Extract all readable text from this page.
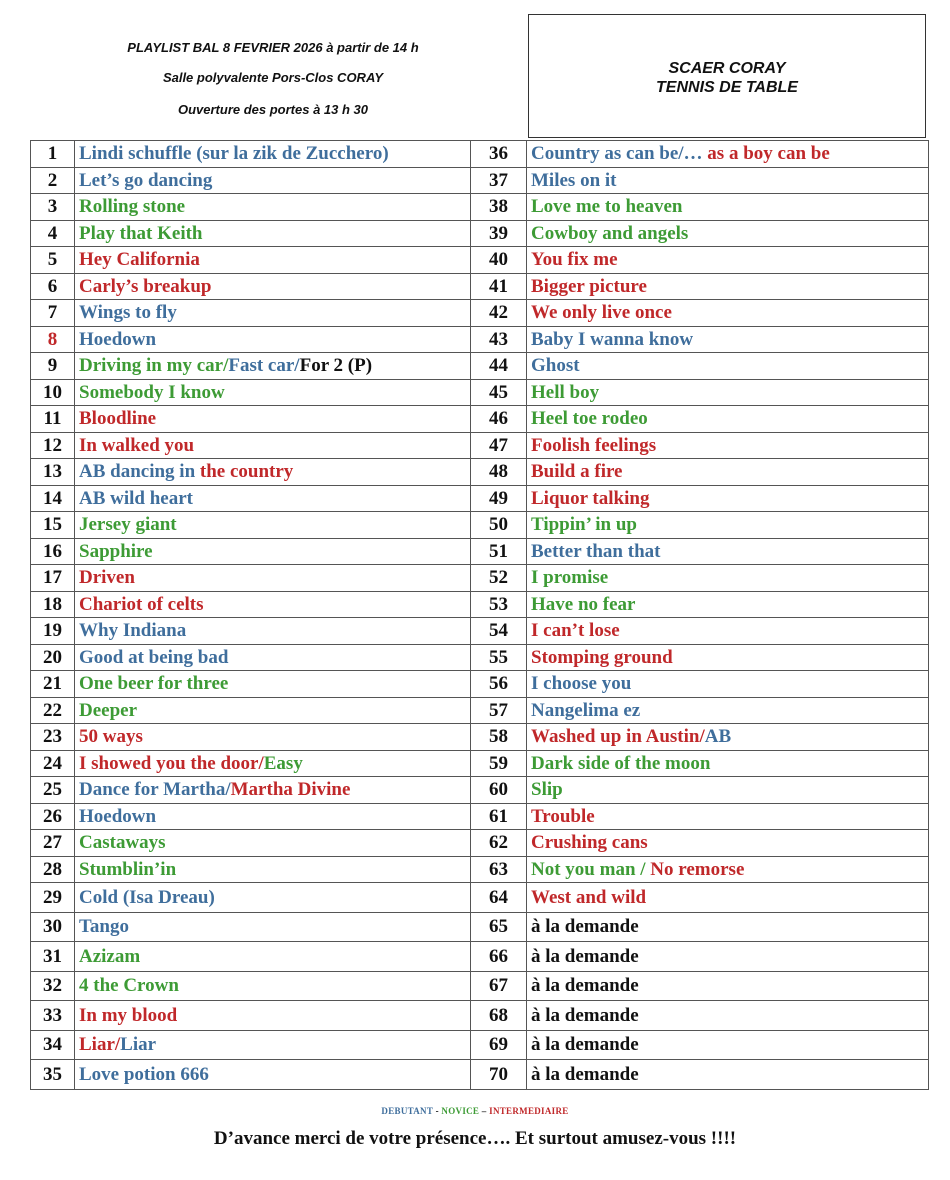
PLAYLIST BAL 8 FEVRIER 2026 à partir de 14 h
Salle polyvalente Pors-Clos CORAY
Ouverture des portes à 13 h 30
SCAER CORAY
TENNIS DE TABLE
1	Lindi schuffle (sur la zik de Zucchero)	36	Country as can be/… as a boy can be
2	Let’s go dancing	37	Miles on it
3	Rolling stone	38	Love me to heaven
4	Play that Keith	39	Cowboy and angels
5	Hey California	40	You fix me
6	Carly’s breakup	41	Bigger picture
7	Wings to fly	42	We only live once
8	Hoedown	43	Baby I wanna know
9	Driving in my car/Fast car/For 2 (P)	44	Ghost
10	Somebody I know	45	Hell boy
11	Bloodline	46	Heel toe rodeo
12	In walked you	47	Foolish feelings
13	AB dancing in the country	48	Build a fire
14	AB wild heart	49	Liquor talking
15	Jersey giant	50	Tippin’ in up
16	Sapphire	51	Better than that
17	Driven	52	I promise
18	Chariot of celts	53	Have no fear
19	Why Indiana	54	I can’t lose
20	Good at being bad	55	Stomping ground
21	One beer for three	56	I choose you
22	Deeper	57	Nangelima ez
23	50 ways	58	Washed up in Austin/AB
24	I showed you the door/Easy	59	Dark side of the moon
25	Dance for Martha/Martha Divine	60	Slip
26	Hoedown	61	Trouble
27	Castaways	62	Crushing cans
28	Stumblin’in	63	Not you man / No remorse
29	Cold (Isa Dreau)	64	West and wild
30	Tango	65	à la demande
31	Azizam	66	à la demande
32	4 the Crown	67	à la demande
33	In my blood	68	à la demande
34	Liar/Liar	69	à la demande
35	Love potion 666	70	à la demande
DEBUTANT - NOVICE – INTERMEDIAIRE
D’avance merci de votre présence…. Et surtout amusez-vous !!!!
